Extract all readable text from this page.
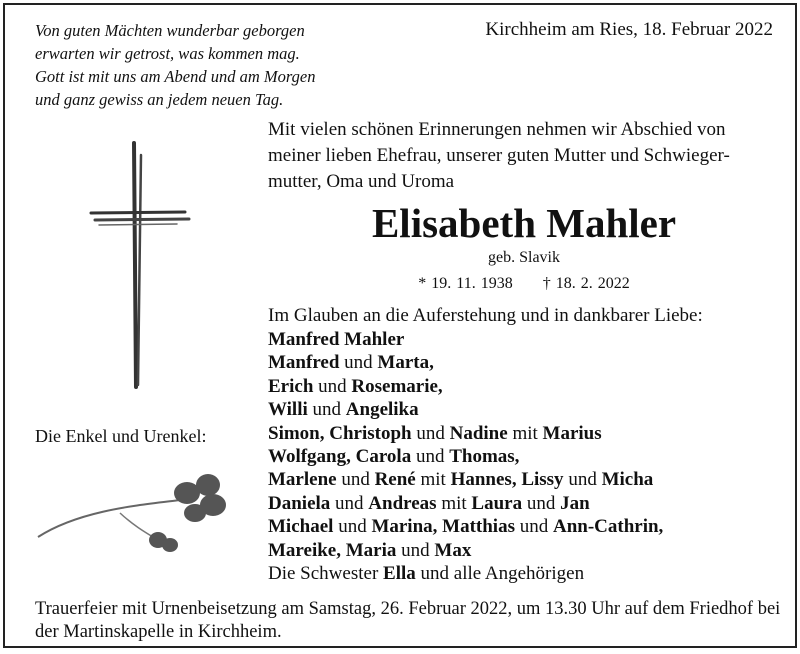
Von guten Mächten wunderbar geborgen
erwarten wir getrost, was kommen mag.
Gott ist mit uns am Abend und am Morgen
und ganz gewiss an jedem neuen Tag.
Kirchheim am Ries, 18. Februar 2022
Mit vielen schönen Erinnerungen nehmen wir Abschied von meiner lieben Ehefrau, unserer guten Mutter und Schwieger-mutter, Oma und Uroma
Elisabeth Mahler
geb. Slavik
* 19. 11. 1938 † 18. 2. 2022
Im Glauben an die Auferstehung und in dankbarer Liebe:
Manfred Mahler
Manfred und Marta,
Erich und Rosemarie,
Willi und Angelika
Simon, Christoph und Nadine mit Marius
Wolfgang, Carola und Thomas,
Marlene und René mit Hannes, Lissy und Micha
Daniela und Andreas mit Laura und Jan
Michael und Marina, Matthias und Ann-Cathrin,
Mareike, Maria und Max
Die Schwester Ella und alle Angehörigen
Die Enkel und Urenkel:
Trauerfeier mit Urnenbeisetzung am Samstag, 26. Februar 2022, um 13.30 Uhr auf dem Friedhof bei der Martinskapelle in Kirchheim.
